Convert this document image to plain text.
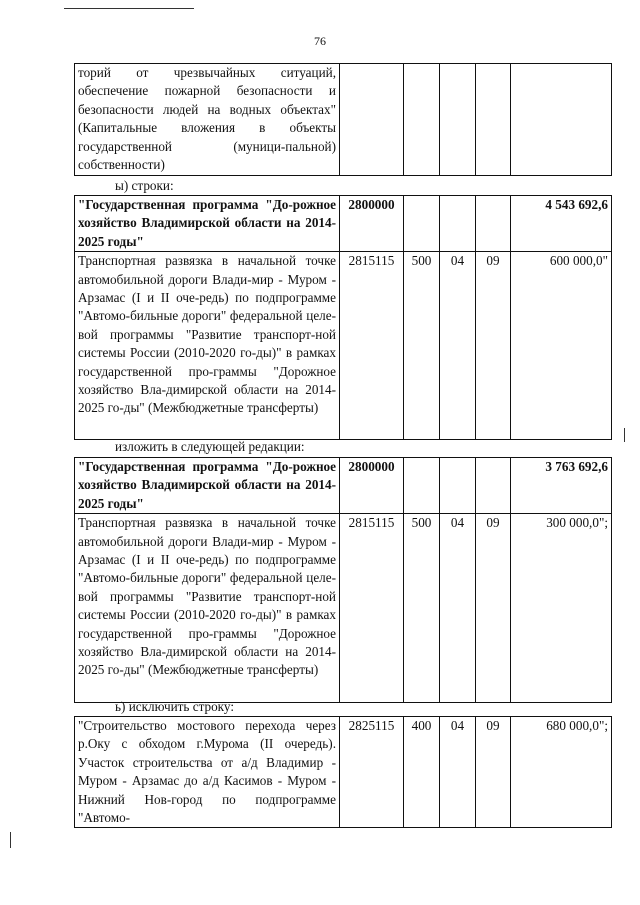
76
торий от чрезвычайных ситуаций, обеспечение пожарной безопасности и безопасности людей на водных объектах" (Капитальные вложения в объекты государственной (муници-пальной) собственности)					
ы) строки:
"Государственная программа "До-рожное хозяйство Владимирской области на 2014-2025 годы"	2800000				4 543 692,6
Транспортная развязка в начальной точке автомобильной дороги Влади-мир - Муром - Арзамас (I и II оче-редь) по подпрограмме "Автомо-бильные дороги" федеральной целе-вой программы "Развитие транспорт-ной системы России (2010-2020 го-ды)" в рамках государственной про-граммы "Дорожное хозяйство Вла-димирской области на 2014-2025 го-ды" (Межбюджетные трансферты)	2815115	500	04	09	600 000,0"
изложить в следующей редакции:
"Государственная программа "До-рожное хозяйство Владимирской области на 2014-2025 годы"	2800000				3 763 692,6
Транспортная развязка в начальной точке автомобильной дороги Влади-мир - Муром - Арзамас (I и II оче-редь) по подпрограмме "Автомо-бильные дороги" федеральной целе-вой программы "Развитие транспорт-ной системы России (2010-2020 го-ды)" в рамках государственной про-граммы "Дорожное хозяйство Вла-димирской области на 2014-2025 го-ды" (Межбюджетные трансферты)	2815115	500	04	09	300 000,0";
ь) исключить строку:
"Строительство мостового перехода через р.Оку с обходом г.Мурома (II очередь). Участок строительства от а/д Владимир - Муром - Арзамас до а/д Касимов - Муром - Нижний Нов-город по подпрограмме "Автомо-	2825115	400	04	09	680 000,0";
